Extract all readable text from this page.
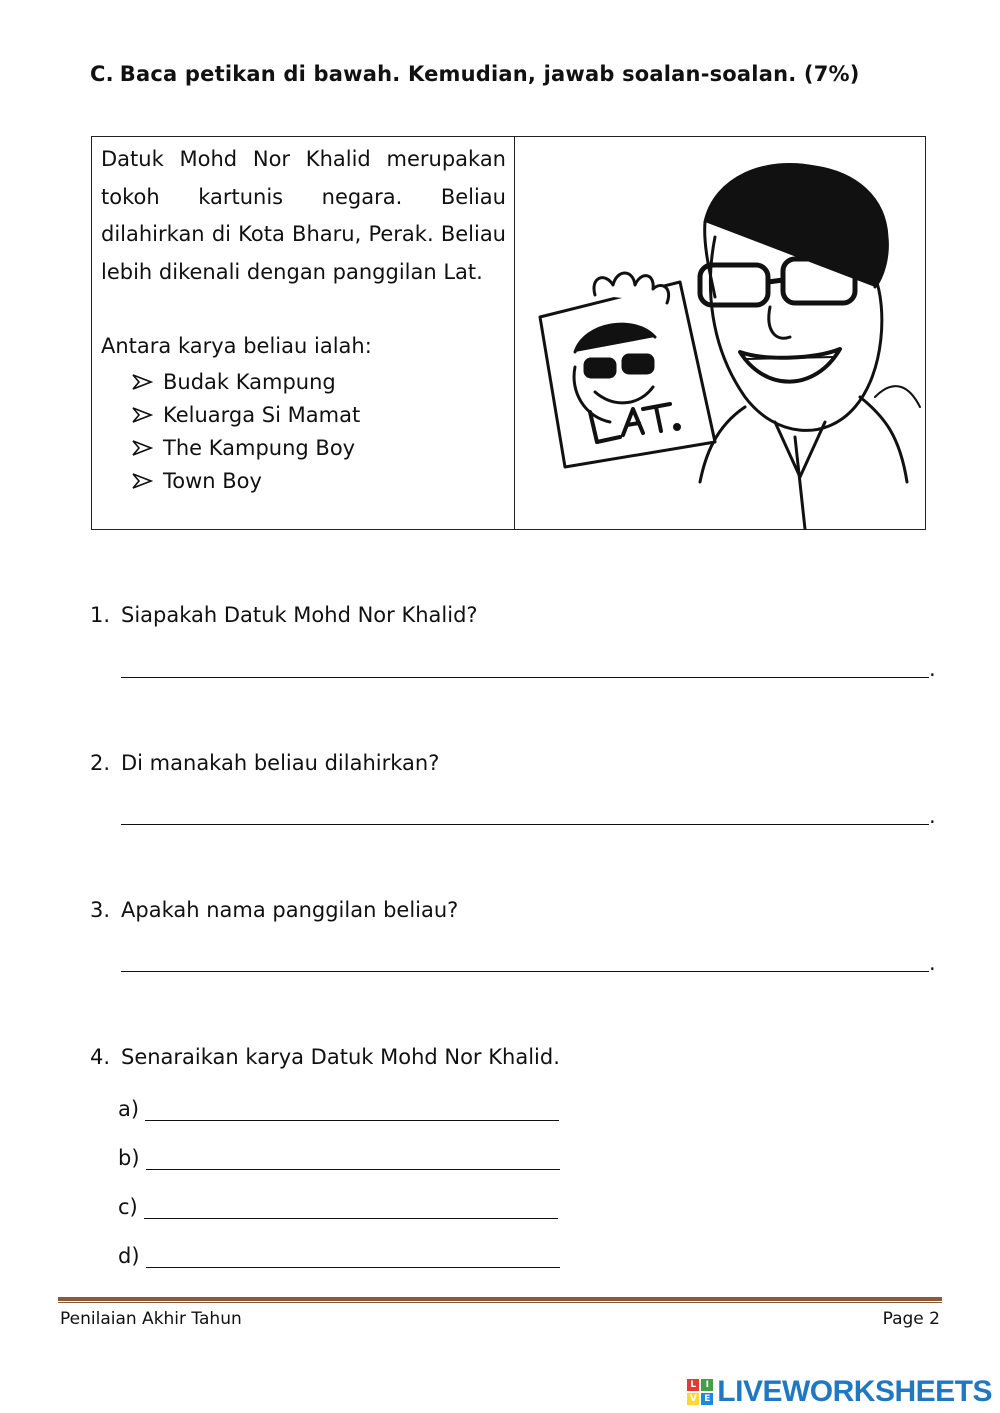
C. Baca petikan di bawah. Kemudian, jawab soalan-soalan. (7%)

Datuk Mohd Nor Khalid merupakan tokoh kartunis negara. Beliau dilahirkan di Kota Bharu, Perak. Beliau lebih dikenali dengan panggilan Lat.

Antara karya beliau ialah:

Budak Kampung
Keluarga Si Mamat
The Kampung Boy
Town Boy
1. Siapakah Datuk Mohd Nor Khalid?
.
2. Di manakah beliau dilahirkan?
.
3. Apakah nama panggilan beliau?
.
4. Senaraikan karya Datuk Mohd Nor Khalid.
a)
b)
c)
d)
Penilaian Akhir Tahun	Page 2
L	I
V E LIVEWORKSHEETS
